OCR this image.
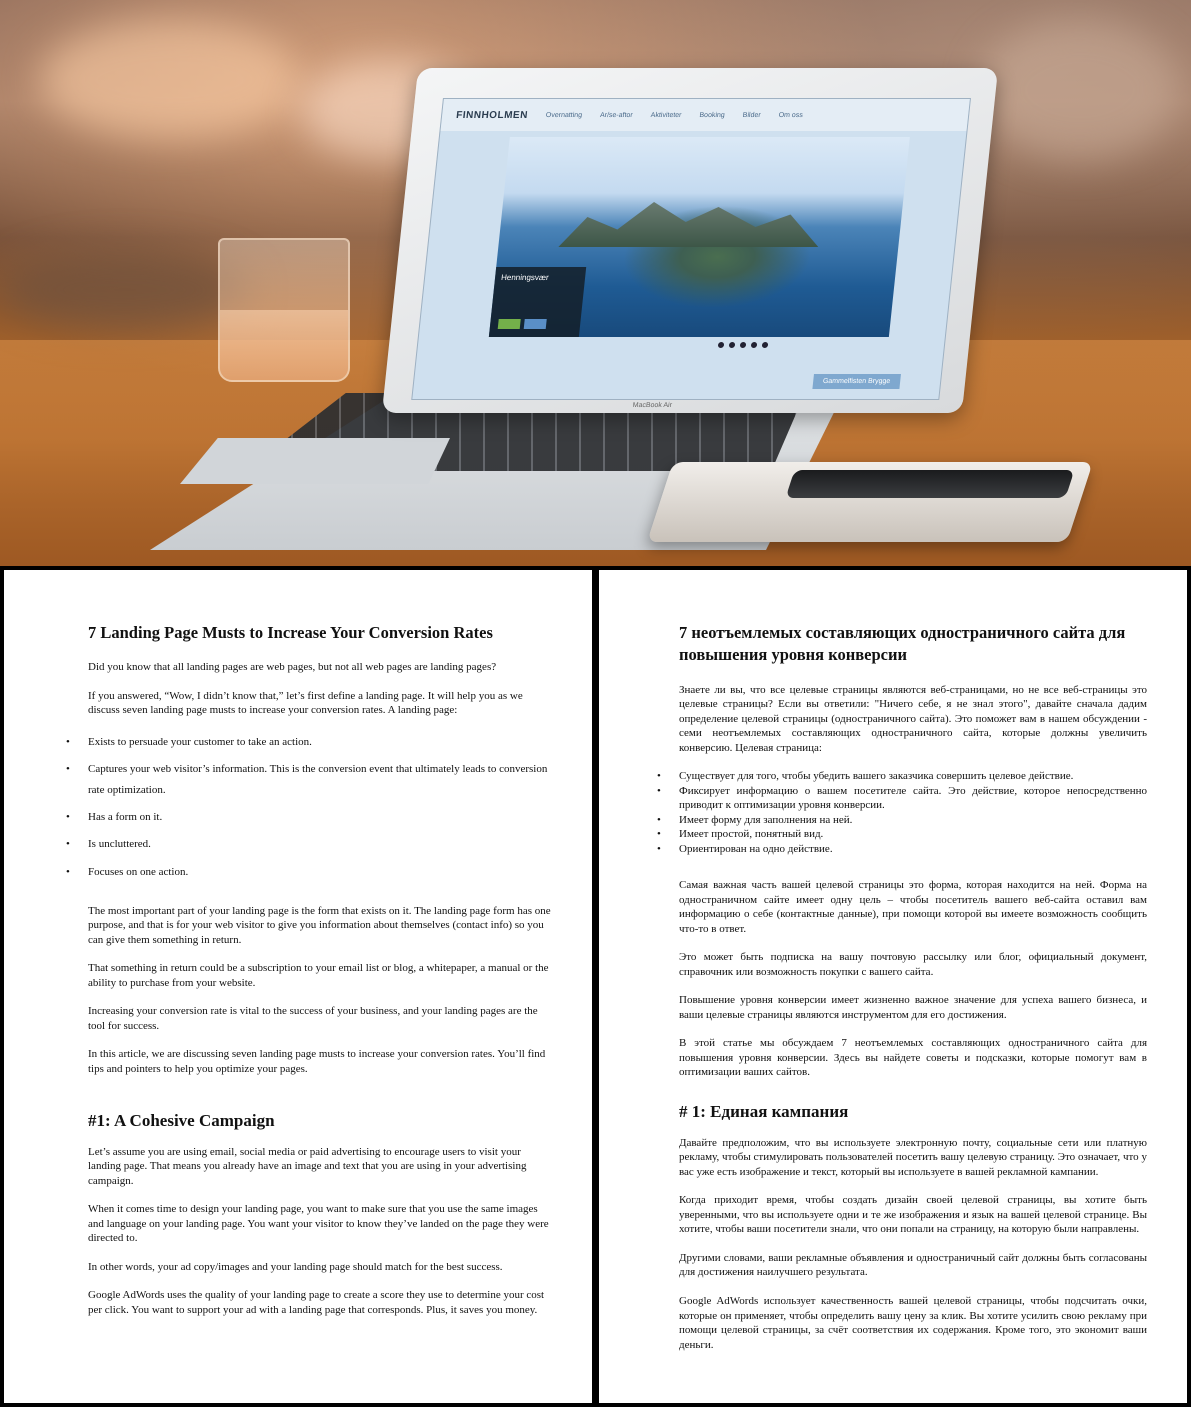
FINNHOLMEN Overnatting Ar/se-aftor Aktiviteter Booking Bilder Om oss
Henningsvær
Gammelfisten Brygge
MacBook Air
7 Landing Page Musts to Increase Your Conversion Rates

Did you know that all landing pages are web pages, but not all web pages are landing pages?

If you answered, “Wow, I didn’t know that,” let’s first define a landing page. It will help you as we discuss seven landing page musts to increase your conversion rates. A landing page:

• Exists to persuade your customer to take an action.
• Captures your web visitor’s information. This is the conversion event that ultimately leads to conversion rate optimization.
• Has a form on it.
• Is uncluttered.
• Focuses on one action.

The most important part of your landing page is the form that exists on it. The landing page form has one purpose, and that is for your web visitor to give you information about themselves (contact info) so you can give them something in return.

That something in return could be a subscription to your email list or blog, a whitepaper, a manual or the ability to purchase from your website.

Increasing your conversion rate is vital to the success of your business, and your landing pages are the tool for success.

In this article, we are discussing seven landing page musts to increase your conversion rates. You’ll find tips and pointers to help you optimize your pages.

#1: A Cohesive Campaign

Let’s assume you are using email, social media or paid advertising to encourage users to visit your landing page. That means you already have an image and text that you are using in your advertising campaign.

When it comes time to design your landing page, you want to make sure that you use the same images and language on your landing page. You want your visitor to know they’ve landed on the page they were directed to.

In other words, your ad copy/images and your landing page should match for the best success.

Google AdWords uses the quality of your landing page to create a score they use to determine your cost per click. You want to support your ad with a landing page that corresponds. Plus, it saves you money.

7 неотъемлемых составляющих одностраничного сайта для повышения уровня конверсии

Знаете ли вы, что все целевые страницы являются веб-страницами, но не все веб-страницы это целевые страницы? Если вы ответили: "Ничего себе, я не знал этого", давайте сначала дадим определение целевой страницы (одностраничного сайта). Это поможет вам в нашем обсуждении - семи неотъемлемых составляющих одностраничного сайта, которые должны увеличить конверсию. Целевая страница:

• Существует для того, чтобы убедить вашего заказчика совершить целевое действие.
• Фиксирует информацию о вашем посетителе сайта. Это действие, которое непосредственно приводит к оптимизации уровня конверсии.
• Имеет форму для заполнения на ней.
• Имеет простой, понятный вид.
• Ориентирован на одно действие.

Самая важная часть вашей целевой страницы это форма, которая находится на ней. Форма на одностраничном сайте имеет одну цель – чтобы посетитель вашего веб-сайта оставил вам информацию о себе (контактные данные), при помощи которой вы имеете возможность сообщить что-то в ответ.

Это может быть подписка на вашу почтовую рассылку или блог, официальный документ, справочник или возможность покупки с вашего сайта.

Повышение уровня конверсии имеет жизненно важное значение для успеха вашего бизнеса, и ваши целевые страницы являются инструментом для его достижения.

В этой статье мы обсуждаем 7 неотъемлемых составляющих одностраничного сайта для повышения уровня конверсии. Здесь вы найдете советы и подсказки, которые помогут вам в оптимизации ваших сайтов.

# 1: Единая кампания

Давайте предположим, что вы используете электронную почту, социальные сети или платную рекламу, чтобы стимулировать пользователей посетить вашу целевую страницу. Это означает, что у вас уже есть изображение и текст, который вы используете в вашей рекламной кампании.

Когда приходит время, чтобы создать дизайн своей целевой страницы, вы хотите быть уверенными, что вы используете одни и те же изображения и язык на вашей целевой странице. Вы хотите, чтобы ваши посетители знали, что они попали на страницу, на которую были направлены.

Другими словами, ваши рекламные объявления и одностраничный сайт должны быть согласованы для достижения наилучшего результата.

Google AdWords использует качественность вашей целевой страницы, чтобы подсчитать очки, которые он применяет, чтобы определить вашу цену за клик. Вы хотите усилить свою рекламу при помощи целевой страницы, за счёт соответствия их содержания. Кроме того, это экономит ваши деньги.
